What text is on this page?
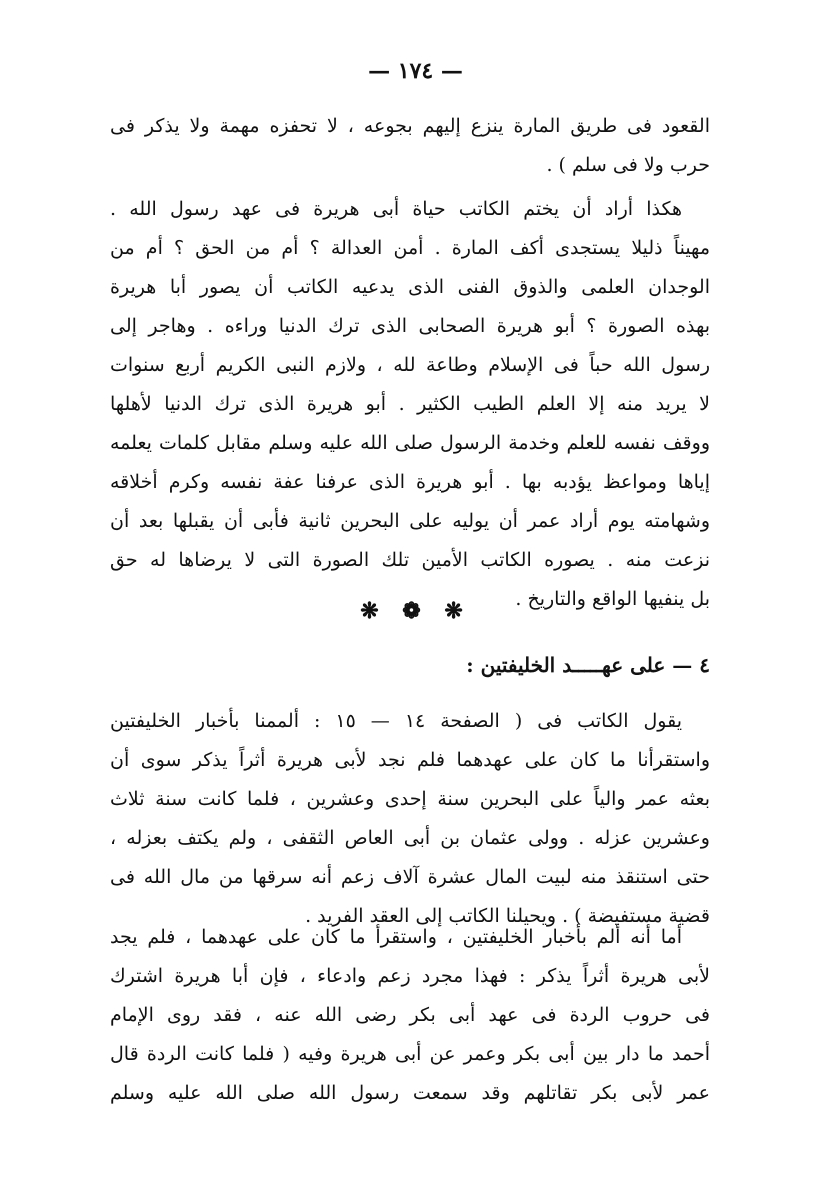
— ١٧٤ —
القعود فى طريق المارة ينزع إليهم بجوعه ، لا تحفزه مهمة ولا يذكر فى
حرب ولا فى سلم ) .
هكذا أراد أن يختم الكاتب حياة أبى هريرة فى عهد رسول الله .
مهيناً ذليلا يستجدى أكف المارة . أمن العدالة ؟ أم من الحق ؟ أم من
الوجدان العلمى والذوق الفنى الذى يدعيه الكاتب أن يصور أبا هريرة
بهذه الصورة ؟ أبو هريرة الصحابى الذى ترك الدنيا وراءه . وهاجر إلى
رسول الله حباً فى الإسلام وطاعة لله ، ولازم النبى الكريم أربع سنوات
لا يريد منه إلا العلم الطيب الكثير . أبو هريرة الذى ترك الدنيا لأهلها
ووقف نفسه للعلم وخدمة الرسول صلى الله عليه وسلم مقابل كلمات يعلمه
إياها ومواعظ يؤدبه بها . أبو هريرة الذى عرفنا عفة نفسه وكرم أخلاقه
وشهامته يوم أراد عمر أن يوليه على البحرين ثانية فأبى أن يقبلها بعد أن
نزعت منه . يصوره الكاتب الأمين تلك الصورة التى لا يرضاها له حق
بل ينفيها الواقع والتاريخ .
❋ ❁ ❋
٤ — على عهـــــد الخليفتين :
يقول الكاتب فى ( الصفحة ١٤ — ١٥ : ألممنا بأخبار الخليفتين
واستقرأنا ما كان على عهدهما فلم نجد لأبى هريرة أثراً يذكر سوى أن
بعثه عمر والياً على البحرين سنة إحدى وعشرين ، فلما كانت سنة ثلاث
وعشرين عزله . وولى عثمان بن أبى العاص الثقفى ، ولم يكتف بعزله ،
حتى استنقذ منه لبيت المال عشرة آلاف زعم أنه سرقها من مال الله فى
قضية مستفيضة ) . ويحيلنا الكاتب إلى العقد الفريد .
أما أنه ألم بأخبار الخليفتين ، واستقرأ ما كان على عهدهما ، فلم يجد
لأبى هريرة أثراً يذكر : فهذا مجرد زعم وادعاء ، فإن أبا هريرة اشترك
فى حروب الردة فى عهد أبى بكر رضى الله عنه ، فقد روى الإمام
أحمد ما دار بين أبى بكر وعمر عن أبى هريرة وفيه ( فلما كانت الردة قال
عمر لأبى بكر تقاتلهم وقد سمعت رسول الله صلى الله عليه وسلم
